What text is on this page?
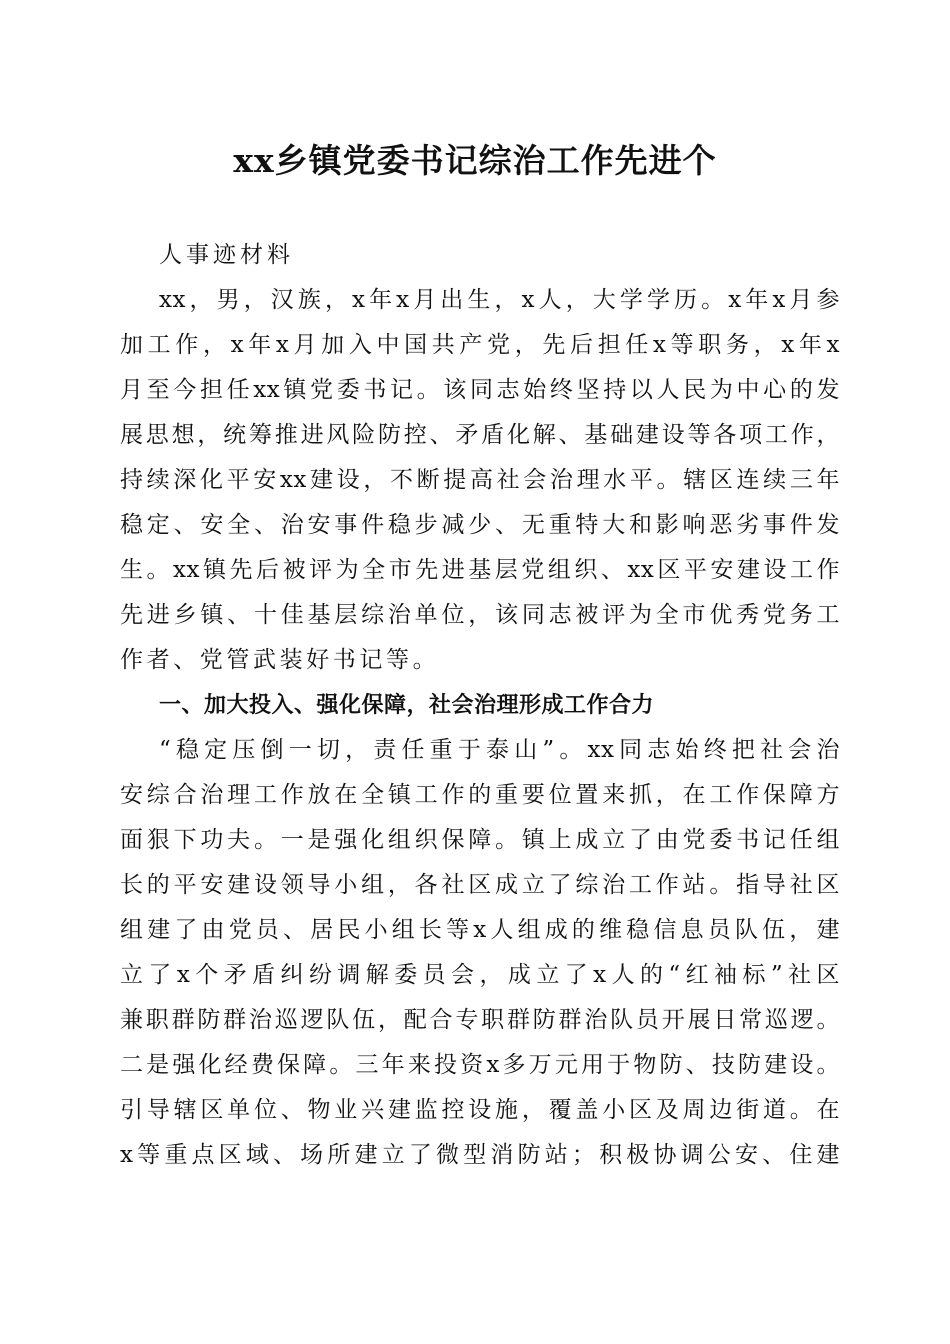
xx乡镇党委书记综治工作先进个
人事迹材料
xx，男，汉族，x年x月出生，x人，大学学历。x年x月参
加工作，x年x月加入中国共产党，先后担任x等职务，x年x
月至今担任xx镇党委书记。该同志始终坚持以人民为中心的发
展思想，统筹推进风险防控、矛盾化解、基础建设等各项工作，
持续深化平安xx建设，不断提高社会治理水平。辖区连续三年
稳定、安全、治安事件稳步减少、无重特大和影响恶劣事件发
生。xx镇先后被评为全市先进基层党组织、xx区平安建设工作
先进乡镇、十佳基层综治单位，该同志被评为全市优秀党务工
作者、党管武装好书记等。
一、加大投入、强化保障，社会治理形成工作合力
“稳定压倒一切，责任重于泰山”。xx同志始终把社会治
安综合治理工作放在全镇工作的重要位置来抓，在工作保障方
面狠下功夫。一是强化组织保障。镇上成立了由党委书记任组
长的平安建设领导小组，各社区成立了综治工作站。指导社区
组建了由党员、居民小组长等x人组成的维稳信息员队伍，建
立了x个矛盾纠纷调解委员会，成立了x人的“红袖标”社区
兼职群防群治巡逻队伍，配合专职群防群治队员开展日常巡逻。
二是强化经费保障。三年来投资x多万元用于物防、技防建设。
引导辖区单位、物业兴建监控设施，覆盖小区及周边街道。在
x等重点区域、场所建立了微型消防站；积极协调公安、住建
